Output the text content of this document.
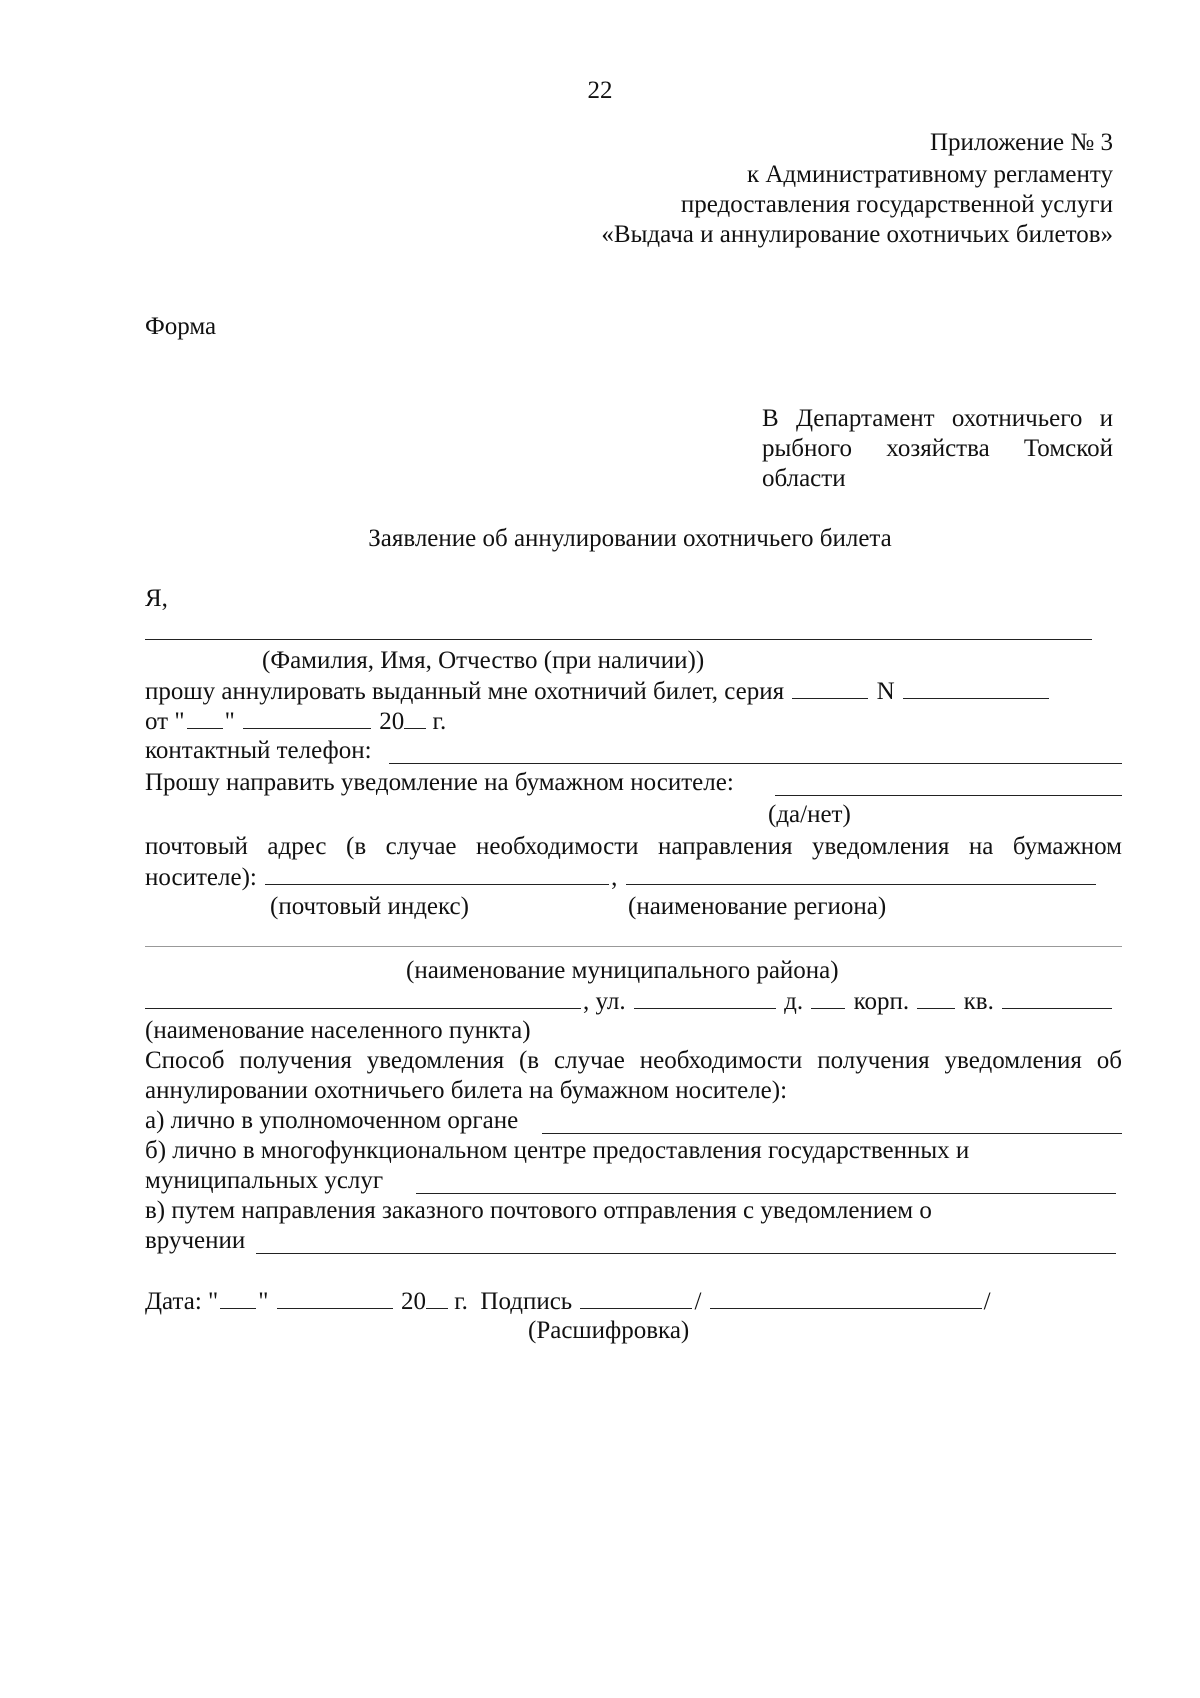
22
Приложение № 3
к Административному регламенту
предоставления государственной услуги
«Выдача и аннулирование охотничьих билетов»
Форма
В Департамент охотничьего и
рыбного хозяйства Томской
области
Заявление об аннулировании охотничьего билета
Я,
(Фамилия, Имя, Отчество (при наличии))
прошу аннулировать выданный мне охотничий билет, серия	N
от " "	20 г.
контактный телефон:
Прошу направить уведомление на бумажном носителе:
(да/нет)
почтовый адрес (в случае необходимости направления уведомления на бумажном
носителе):	,
(почтовый индекс)	(наименование региона)
(наименование муниципального района)
, ул.	д. корп. кв.
(наименование населенного пункта)
Способ получения уведомления (в случае необходимости получения уведомления об
аннулировании охотничьего билета на бумажном носителе):
а) лично в уполномоченном органе
б) лично в многофункциональном центре предоставления государственных и
муниципальных услуг
в) путем направления заказного почтового отправления с уведомлением о
вручении
Дата: " "	20 г. Подпись	/	/
(Расшифровка)
